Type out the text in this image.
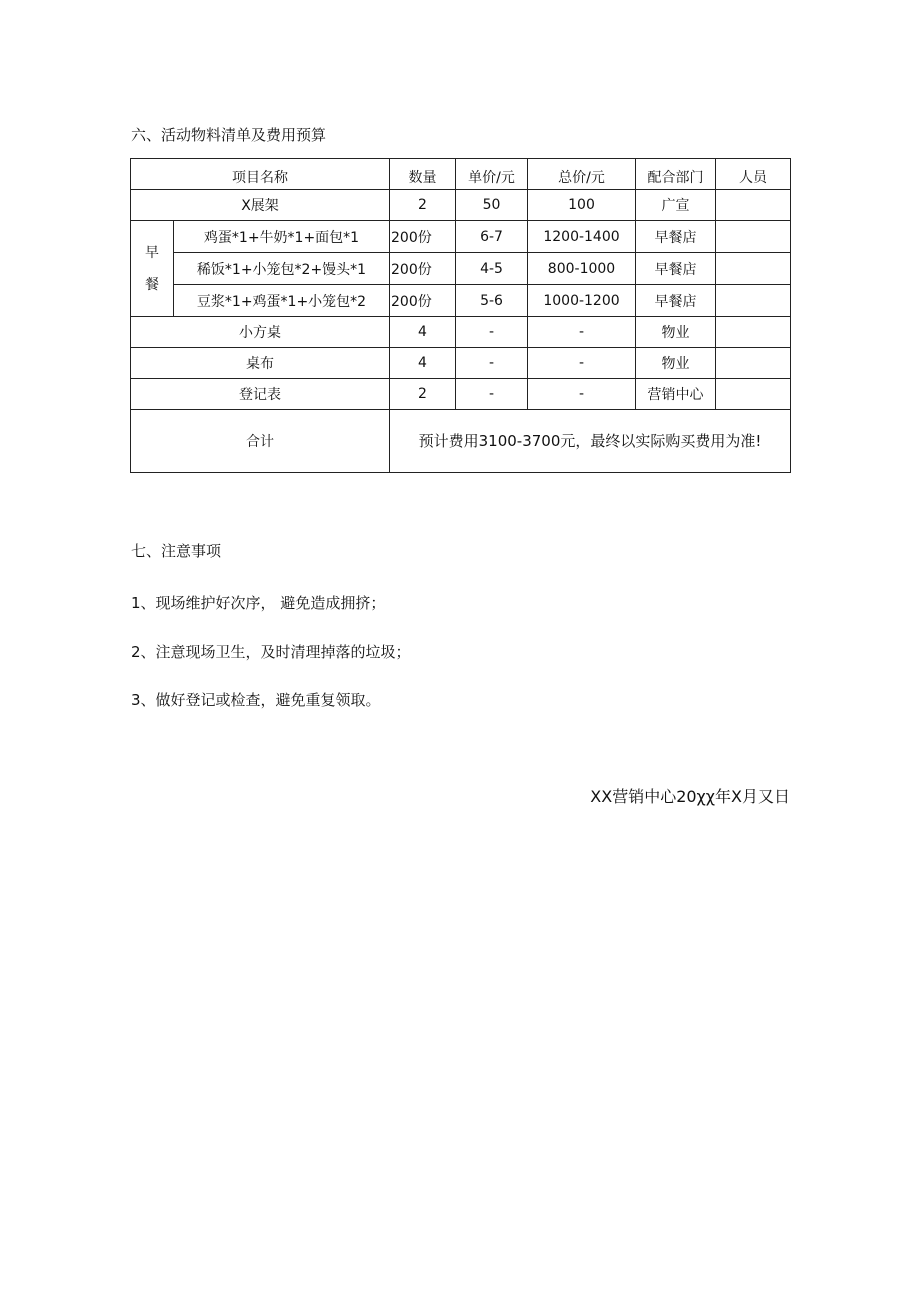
六、活动物料清单及费用预算
项目名称		数量	单价/元	总价/元	配合部门	人员
X展架		2	50	100	广宣	

早
餐	鸡蛋*1+牛奶*1+面包*1	200份	6-7	1200-1400	早餐店	
	稀饭*1+小笼包*2+馒头*1	200份	4-5	800-1000	早餐店	
	豆浆*1+鸡蛋*1+小笼包*2	200份	5-6	1000-1200	早餐店	
小方桌		4	-	-	物业	
桌布		4	-	-	物业	
登记表		2	-	-	营销中心	
合计		预计费用3100-3700元，最终以实际购买费用为准!				
七、注意事项
1、现场维护好次序， 避免造成拥挤；
2、注意现场卫生，及时清理掉落的垃圾；
3、做好登记或检查，避免重复领取。
XX营销中心20χχ年X月又日
